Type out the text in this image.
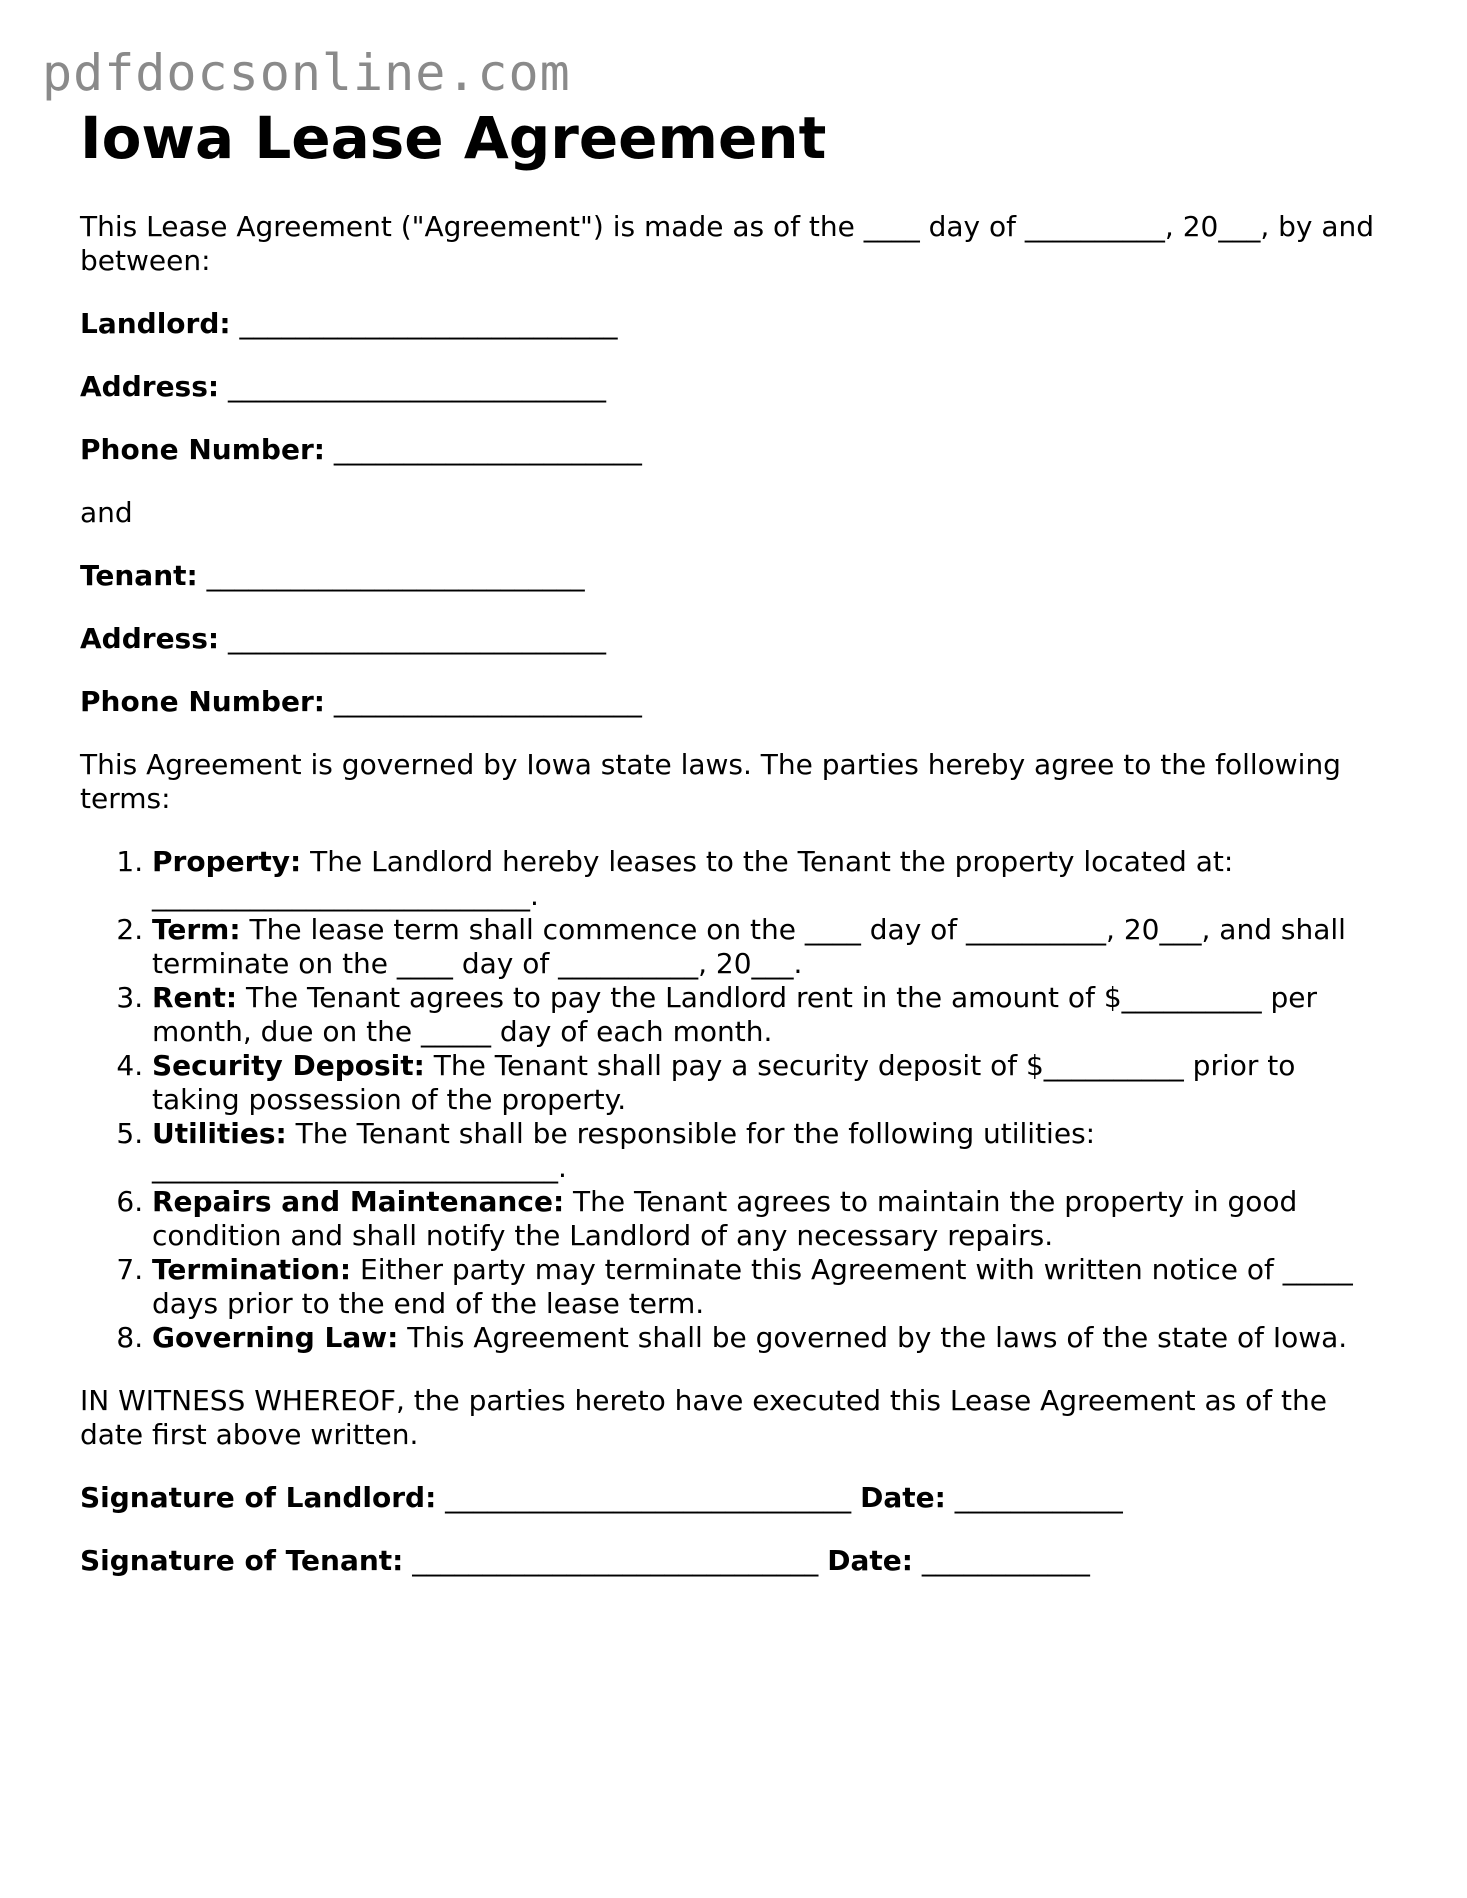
pdfdocsonline.com
Iowa Lease Agreement

This Lease Agreement ("Agreement") is made as of the ____ day of __________, 20___, by and between:

Landlord: ___________________________

Address: ___________________________

Phone Number: ______________________

and

Tenant: ___________________________

Address: ___________________________

Phone Number: ______________________

This Agreement is governed by Iowa state laws. The parties hereby agree to the following terms:

1. Property: The Landlord hereby leases to the Tenant the property located at: ___________________________.
2. Term: The lease term shall commence on the ____ day of __________, 20___, and shall terminate on the ____ day of __________, 20___.
3. Rent: The Tenant agrees to pay the Landlord rent in the amount of $__________ per month, due on the _____ day of each month.
4. Security Deposit: The Tenant shall pay a security deposit of $__________ prior to taking possession of the property.
5. Utilities: The Tenant shall be responsible for the following utilities: _____________________________.
6. Repairs and Maintenance: The Tenant agrees to maintain the property in good condition and shall notify the Landlord of any necessary repairs.
7. Termination: Either party may terminate this Agreement with written notice of _____ days prior to the end of the lease term.
8. Governing Law: This Agreement shall be governed by the laws of the state of Iowa.

IN WITNESS WHEREOF, the parties hereto have executed this Lease Agreement as of the date first above written.

Signature of Landlord: _____________________________ Date: ____________

Signature of Tenant: _____________________________ Date: ____________
